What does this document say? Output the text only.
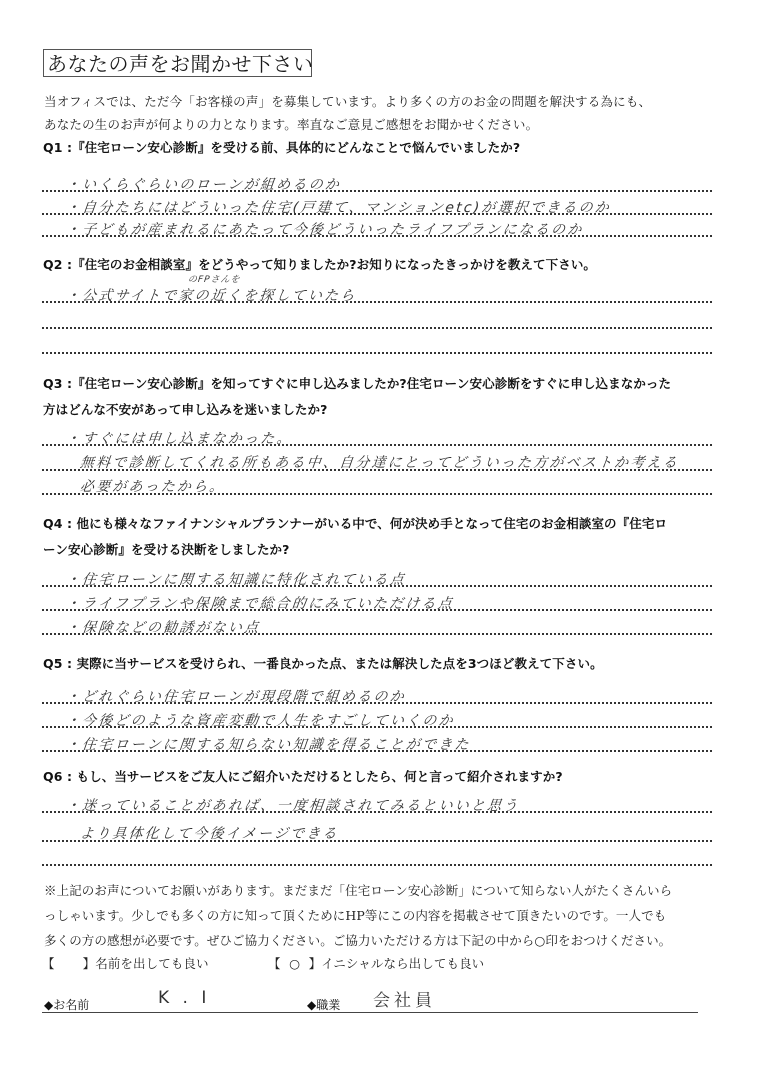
あなたの声をお聞かせ下さい
当オフィスでは、ただ今「お客様の声」を募集しています。より多くの方のお金の問題を解決する為にも、
あなたの生のお声が何よりの力となります。率直なご意見ご感想をお聞かせください。
Q1 :『住宅ローン安心診断』を受ける前、具体的にどんなことで悩んでいましたか?
・いくらぐらいのローンが組めるのか
・自分たちにはどういった住宅(戸建て、マンションetc)が選択できるのか
・子どもが産まれるにあたって今後どういったライフプランになるのか
Q2 :『住宅のお金相談室』をどうやって知りましたか?お知りになったきっかけを教えて下さい。
のFPさんを
・公式サイトで家の近くを探していたら
Q3 :『住宅ローン安心診断』を知ってすぐに申し込みましたか?住宅ローン安心診断をすぐに申し込まなかった
方はどんな不安があって申し込みを迷いましたか?
・すぐには申し込まなかった。
無料で診断してくれる所もある中、自分達にとってどういった方がベストか考える
必要があったから。
Q4 : 他にも様々なファイナンシャルプランナーがいる中で、何が決め手となって住宅のお金相談室の『住宅ロ
ーン安心診断』を受ける決断をしましたか?
・住宅ローンに関する知識に特化されている点
・ライフプランや保険まで総合的にみていただける点
・保険などの勧誘がない点
Q5 : 実際に当サービスを受けられ、一番良かった点、または解決した点を3つほど教えて下さい。
・どれぐらい住宅ローンが現段階で組めるのか
・今後どのような資産変動で人生をすごしていくのか
・住宅ローンに関する知らない知識を得ることができた
Q6 : もし、当サービスをご友人にご紹介いただけるとしたら、何と言って紹介されますか?
・迷っていることがあれば、一度相談されてみるといいと思う
より具体化して今後イメージできる
※上記のお声についてお願いがあります。まだまだ「住宅ローン安心診断」について知らない人がたくさんいら
っしゃいます。少しでも多くの方に知って頂くためにHP等にこの内容を掲載させて頂きたいのです。一人でも
多くの方の感想が必要です。ぜひご協力ください。ご協力いただける方は下記の中から○印をおつけください。
【 】名前を出しても良い	【 ○ 】イニシャルなら出しても良い
◆お名前	K . I	◆職業 会社員
